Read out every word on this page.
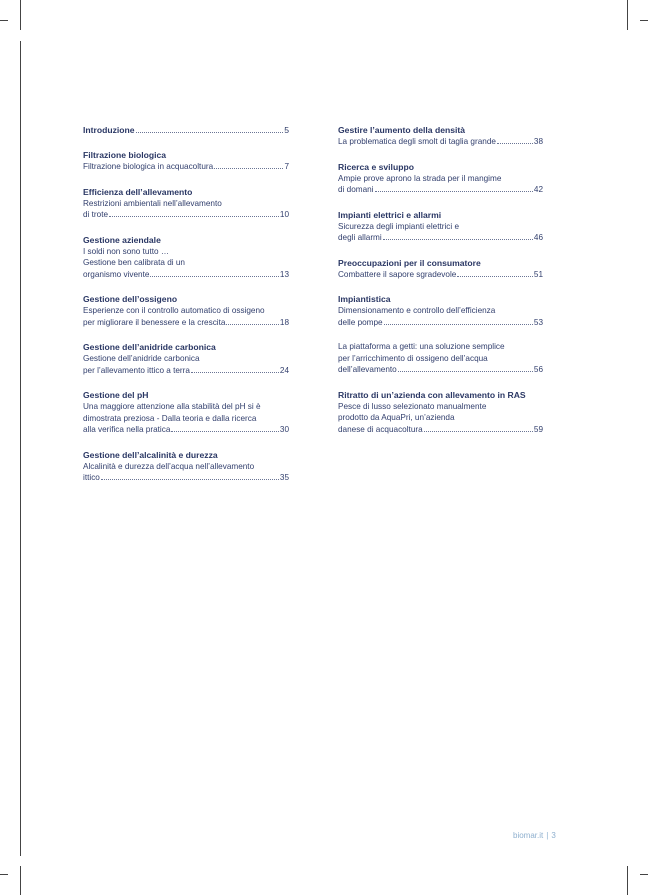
Introduzione	5
Filtrazione biologica
Filtrazione biologica in acquacoltura	7
Efficienza dell’allevamento
Restrizioni ambientali nell’allevamento
di trote	10
Gestione aziendale
I soldi non sono tutto …
Gestione ben calibrata di un
organismo vivente	13
Gestione dell’ossigeno
Esperienze con il controllo automatico di ossigeno
per migliorare il benessere e la crescita	18
Gestione dell’anidride carbonica
Gestione dell’anidride carbonica
per l’allevamento ittico a terra	24
Gestione del pH
Una maggiore attenzione alla stabilità del pH si è
dimostrata preziosa - Dalla teoria e dalla ricerca
alla verifica nella pratica	30
Gestione dell’alcalinità e durezza
Alcalinità e durezza dell’acqua nell’allevamento
ittico	35
Gestire l’aumento della densità
La problematica degli smolt di taglia grande	38
Ricerca e sviluppo
Ampie prove aprono la strada per il mangime
di domani	42
Impianti elettrici e allarmi
Sicurezza degli impianti elettrici e
degli allarmi	46
Preoccupazioni per il consumatore
Combattere il sapore sgradevole	51
Impiantistica
Dimensionamento e controllo dell’efficienza
delle pompe	53
La piattaforma a getti: una soluzione semplice
per l’arricchimento di ossigeno dell’acqua
dell’allevamento	56
Ritratto di un’azienda con allevamento in RAS
Pesce di lusso selezionato manualmente
prodotto da AquaPri, un’azienda
danese di acquacoltura	59
biomar.it | 3
